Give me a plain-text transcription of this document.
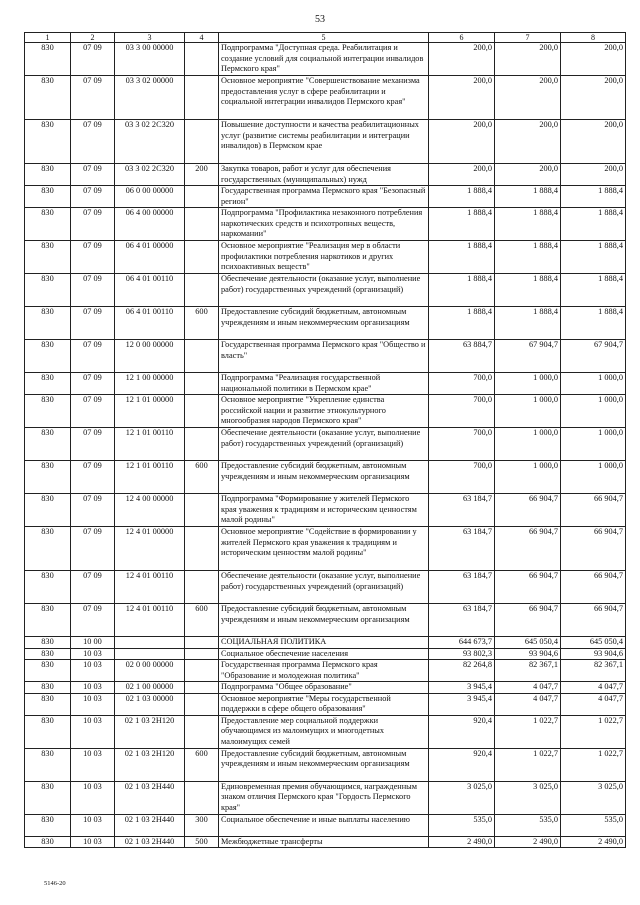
53
1	2	3	4	5	6	7	8
830	07 09	03 3 00 00000		Подпрограмма "Доступная среда. Реабилитация и создание условий для социальной интеграции инвалидов Пермского края"	200,0	200,0	200,0
830	07 09	03 3 02 00000		Основное мероприятие "Совершенствование механизма предоставления услуг в сфере реабилитации и социальной интеграции инвалидов Пермского края"	200,0	200,0	200,0
830	07 09	03 3 02 2С320		Повышение доступности и качества реабилитационных услуг (развитие системы реабилитации и интеграции инвалидов) в Пермском крае	200,0	200,0	200,0
830	07 09	03 3 02 2С320	200	Закупка товаров, работ и услуг для обеспечения государственных (муниципальных) нужд	200,0	200,0	200,0
830	07 09	06 0 00 00000		Государственная программа Пермского края "Безопасный регион"	1 888,4	1 888,4	1 888,4
830	07 09	06 4 00 00000		Подпрограмма "Профилактика незаконного потребления наркотических средств и психотропных веществ, наркомании"	1 888,4	1 888,4	1 888,4
830	07 09	06 4 01 00000		Основное мероприятие "Реализация мер в области профилактики потребления наркотиков и других психоактивных веществ"	1 888,4	1 888,4	1 888,4
830	07 09	06 4 01 00110		Обеспечение деятельности (оказание услуг, выполнение работ) государственных учреждений (организаций)	1 888,4	1 888,4	1 888,4
830	07 09	06 4 01 00110	600	Предоставление субсидий бюджетным, автономным учреждениям и иным некоммерческим организациям	1 888,4	1 888,4	1 888,4
830	07 09	12 0 00 00000		Государственная программа Пермского края "Общество и власть"	63 884,7	67 904,7	67 904,7
830	07 09	12 1 00 00000		Подпрограмма "Реализация государственной национальной политики в Пермском крае"	700,0	1 000,0	1 000,0
830	07 09	12 1 01 00000		Основное мероприятие "Укрепление единства российской нации и развитие этнокультурного многообразия народов Пермского края"	700,0	1 000,0	1 000,0
830	07 09	12 1 01 00110		Обеспечение деятельности (оказание услуг, выполнение работ) государственных учреждений (организаций)	700,0	1 000,0	1 000,0
830	07 09	12 1 01 00110	600	Предоставление субсидий бюджетным, автономным учреждениям и иным некоммерческим организациям	700,0	1 000,0	1 000,0
830	07 09	12 4 00 00000		Подпрограмма "Формирование у жителей Пермского края уважения к традициям и историческим ценностям малой родины"	63 184,7	66 904,7	66 904,7
830	07 09	12 4 01 00000		Основное мероприятие "Содействие в формировании у жителей Пермского края уважения к традициям и историческим ценностям малой родины"	63 184,7	66 904,7	66 904,7
830	07 09	12 4 01 00110		Обеспечение деятельности (оказание услуг, выполнение работ) государственных учреждений (организаций)	63 184,7	66 904,7	66 904,7
830	07 09	12 4 01 00110	600	Предоставление субсидий бюджетным, автономным учреждениям и иным некоммерческим организациям	63 184,7	66 904,7	66 904,7
830	10 00			СОЦИАЛЬНАЯ ПОЛИТИКА	644 673,7	645 050,4	645 050,4
830	10 03			Социальное обеспечение населения	93 802,3	93 904,6	93 904,6
830	10 03	02 0 00 00000		Государственная программа Пермского края "Образование и молодежная политика"	82 264,8	82 367,1	82 367,1
830	10 03	02 1 00 00000		Подпрограмма "Общее образование"	3 945,4	4 047,7	4 047,7
830	10 03	02 1 03 00000		Основное мероприятие "Меры государственной поддержки в сфере общего образования"	3 945,4	4 047,7	4 047,7
830	10 03	02 1 03 2Н120		Предоставление мер социальной поддержки обучающимся из малоимущих и многодетных малоимущих семей	920,4	1 022,7	1 022,7
830	10 03	02 1 03 2Н120	600	Предоставление субсидий бюджетным, автономным учреждениям и иным некоммерческим организациям	920,4	1 022,7	1 022,7
830	10 03	02 1 03 2Н440		Единовременная премия обучающимся, награжденным знаком отличия Пермского края "Гордость Пермского края"	3 025,0	3 025,0	3 025,0
830	10 03	02 1 03 2Н440	300	Социальное обеспечение и иные выплаты населению	535,0	535,0	535,0
830	10 03	02 1 03 2Н440	500	Межбюджетные трансферты	2 490,0	2 490,0	2 490,0
5146-20
